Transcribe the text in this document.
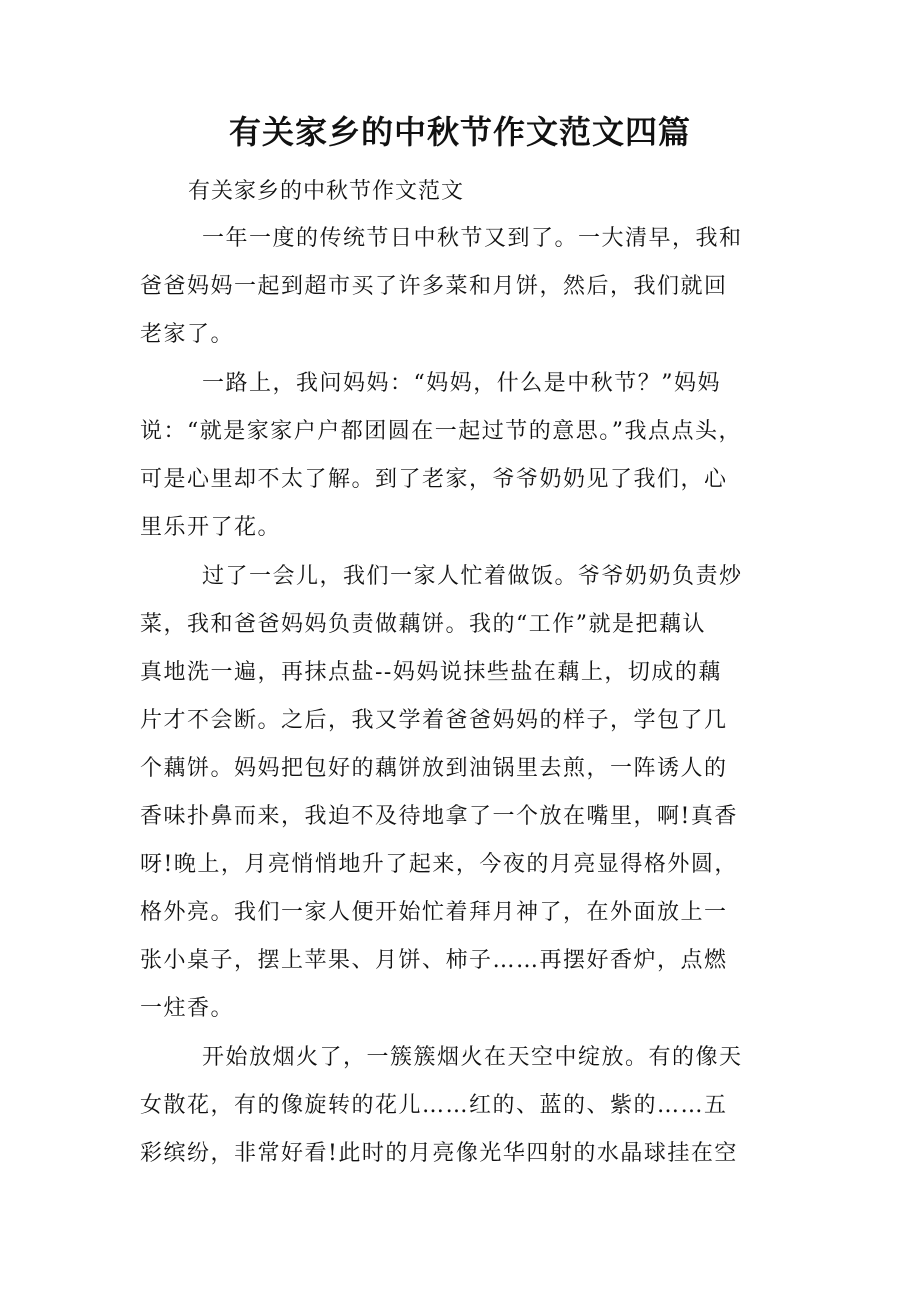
有关家乡的中秋节作文范文四篇
有关家乡的中秋节作文范文
一年一度的传统节日中秋节又到了。一大清早，我和
爸爸妈妈一起到超市买了许多菜和月饼，然后，我们就回
老家了。
一路上，我问妈妈：“妈妈，什么是中秋节？”妈妈
说：“就是家家户户都团圆在一起过节的意思。”我点点头，
可是心里却不太了解。到了老家，爷爷奶奶见了我们，心
里乐开了花。
过了一会儿，我们一家人忙着做饭。爷爷奶奶负责炒
菜，我和爸爸妈妈负责做藕饼。我的“工作”就是把藕认
真地洗一遍，再抹点盐--妈妈说抹些盐在藕上，切成的藕
片才不会断。之后，我又学着爸爸妈妈的样子，学包了几
个藕饼。妈妈把包好的藕饼放到油锅里去煎，一阵诱人的
香味扑鼻而来，我迫不及待地拿了一个放在嘴里，啊!真香
呀!晚上，月亮悄悄地升了起来，今夜的月亮显得格外圆，
格外亮。我们一家人便开始忙着拜月神了，在外面放上一
张小桌子，摆上苹果、月饼、柿子……再摆好香炉，点燃
一炷香。
开始放烟火了，一簇簇烟火在天空中绽放。有的像天
女散花，有的像旋转的花儿……红的、蓝的、紫的……五
彩缤纷，非常好看!此时的月亮像光华四射的水晶球挂在空
